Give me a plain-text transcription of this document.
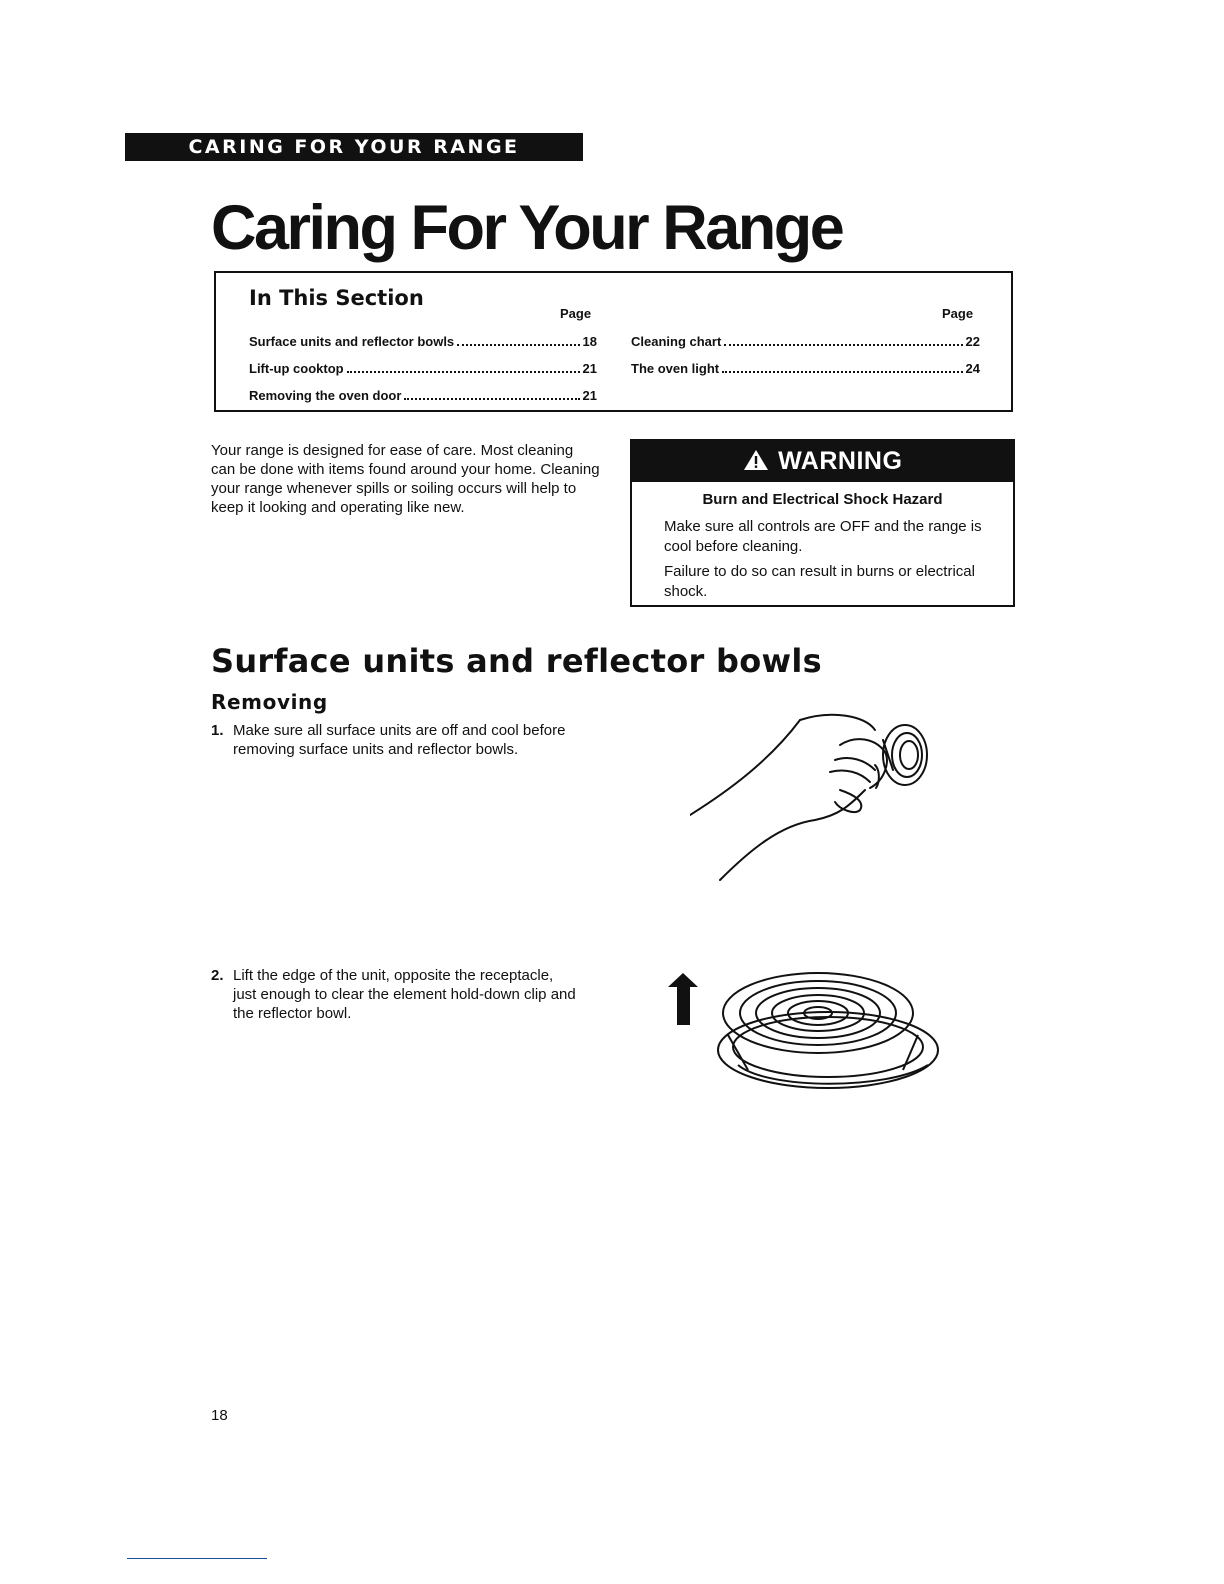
CARING FOR YOUR RANGE
Caring For Your Range
In This Section
Page	Page
Surface units and reflector bowls	18
Lift-up cooktop	21
Removing the oven door	21
Cleaning chart	22
The oven light	24
Your range is designed for ease of care. Most cleaning can be done with items found around your home. Cleaning your range whenever spills or soiling occurs will help to keep it looking and operating like new.
WARNING
Burn and Electrical Shock Hazard
Make sure all controls are OFF and the range is cool before cleaning.
Failure to do so can result in burns or electrical shock.
Surface units and reflector bowls
Removing
1. Make sure all surface units are off and cool before removing surface units and reflector bowls.
2. Lift the edge of the unit, opposite the receptacle, just enough to clear the element hold-down clip and the reflector bowl.
18
